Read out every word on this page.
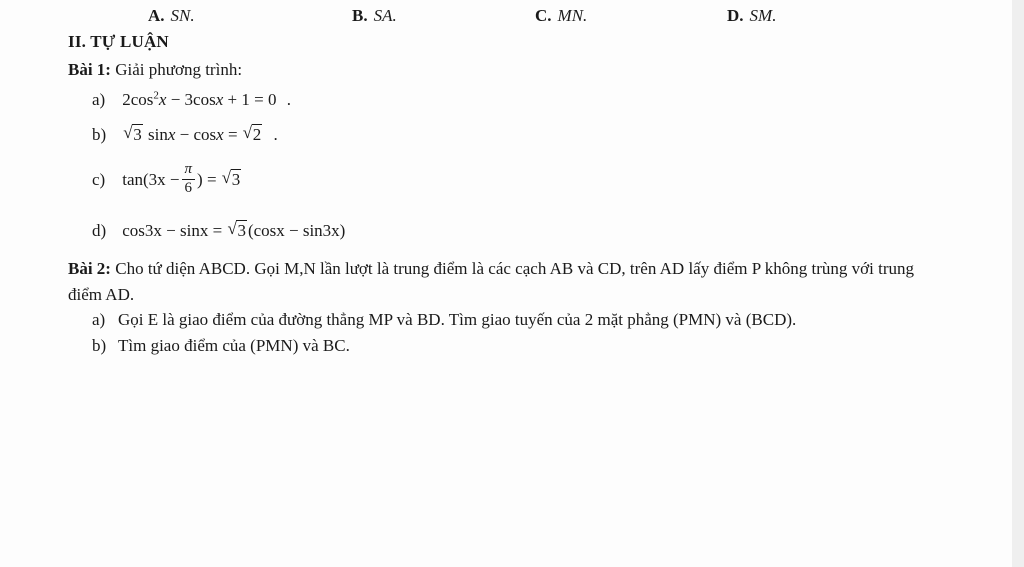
A. SN.	B. SA.	C. MN.	D. SM.
II. TỰ LUẬN
Bài 1: Giải phương trình:
a) $2\cos^2x - 3\cos x + 1 = 0$ .
b) √ 3 sinx − cosx = √ 2 .
c) $\tan(3x - \frac{\pi}{6}$ ) = √ 3
d) cos3x − sinx = √ 3 (cosx − sin3x)
Bài 2: Cho tứ diện ABCD. Gọi M,N lần lượt là trung điểm là các cạch AB và CD, trên AD lấy điểm P không trùng với trung điểm AD.
a) Gọi E là giao điểm của đường thẳng MP và BD. Tìm giao tuyến của 2 mặt phẳng (PMN) và (BCD).
b) Tìm giao điểm của (PMN) và BC.
